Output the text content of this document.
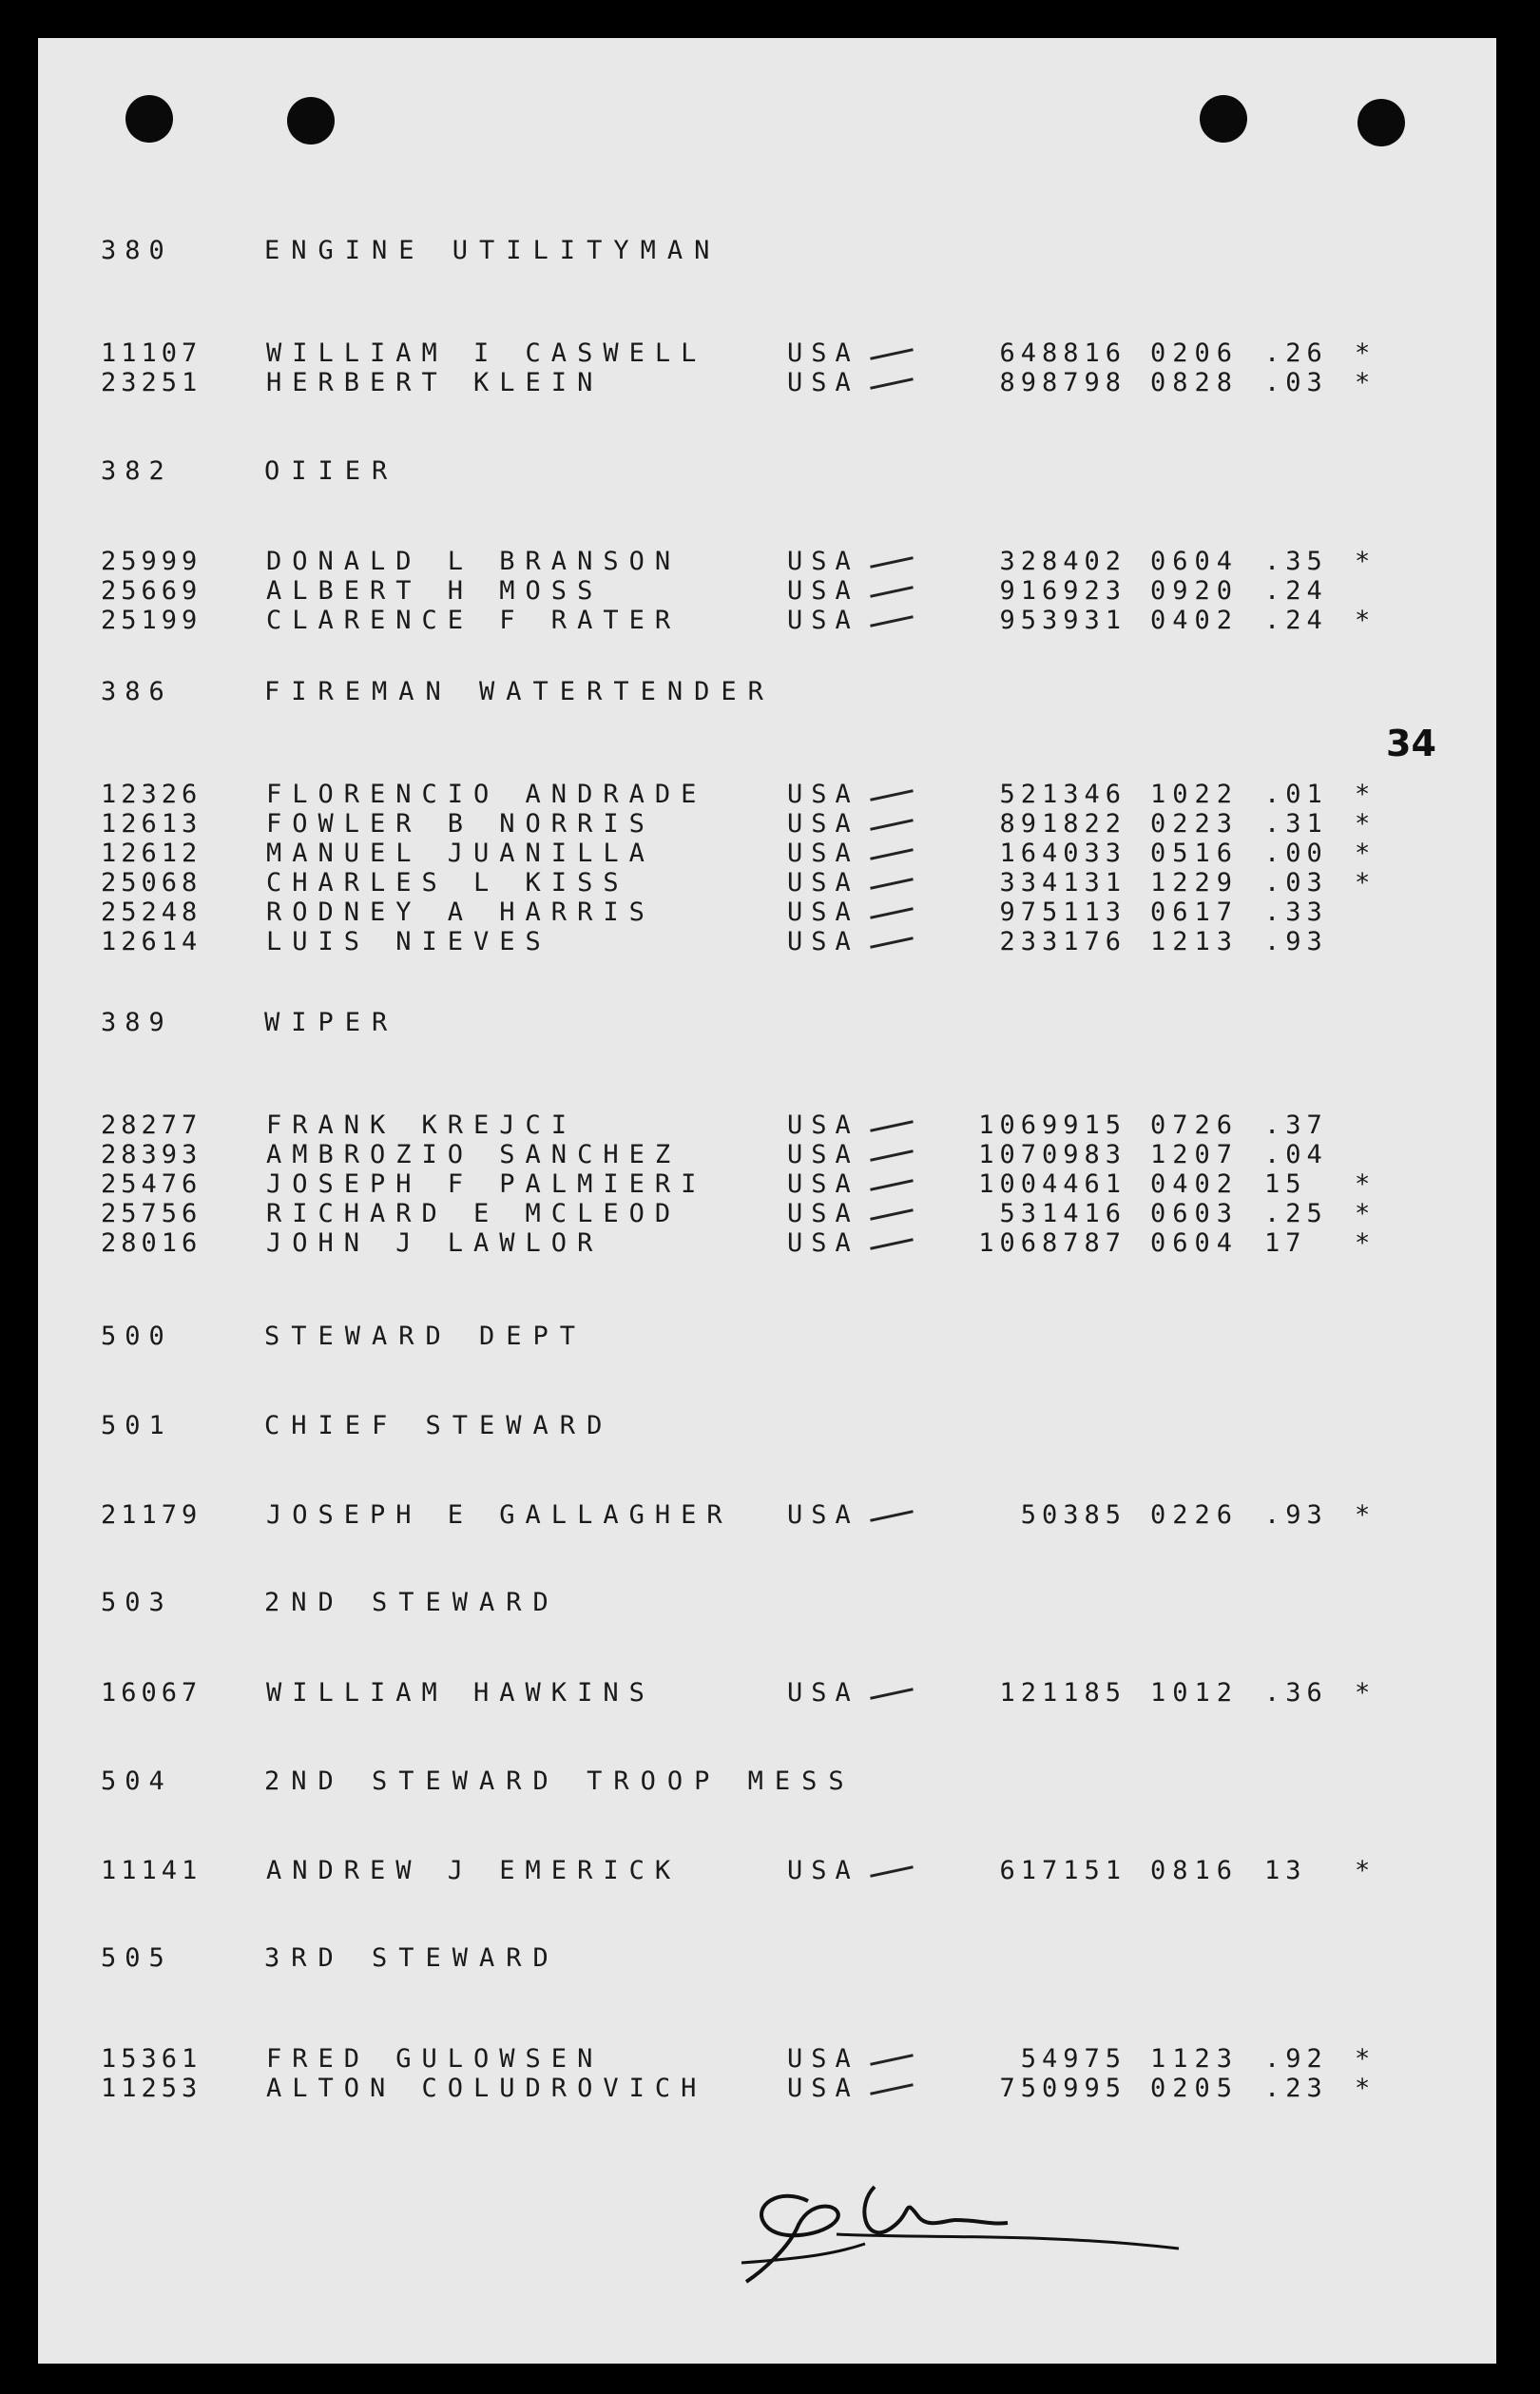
34
380	ENGINE UTILITYMAN
11107	WILLIAM I CASWELL	USA	648816 0206 .26 *
23251	HERBERT KLEIN	USA	898798 0828 .03 *
382	OIIER
25999	DONALD L BRANSON	USA	328402 0604 .35 *
25669	ALBERT H MOSS	USA	916923 0920 .24
25199	CLARENCE F RATER	USA	953931 0402 .24 *
386	FIREMAN WATERTENDER
12326	FLORENCIO ANDRADE	USA	521346 1022 .01 *
12613	FOWLER B NORRIS	USA	891822 0223 .31 *
12612	MANUEL JUANILLA	USA	164033 0516 .00 *
25068	CHARLES L KISS	USA	334131 1229 .03 *
25248	RODNEY A HARRIS	USA	975113 0617 .33
12614	LUIS NIEVES	USA	233176 1213 .93
389	WIPER
28277	FRANK KREJCI	USA	1069915 0726 .37
28393	AMBROZIO SANCHEZ	USA	1070983 1207 .04
25476	JOSEPH F PALMIERI	USA	1004461 0402 15 *
25756	RICHARD E MCLEOD	USA	531416 0603 .25 *
28016	JOHN J LAWLOR	USA	1068787 0604 17 *
500	STEWARD DEPT
501	CHIEF STEWARD
21179	JOSEPH E GALLAGHER USA	50385 0226 .93 *
503	2ND STEWARD
16067	WILLIAM HAWKINS	USA	121185 1012 .36 *
504	2ND STEWARD TROOP MESS
11141	ANDREW J EMERICK	USA	617151 0816 13 *
505	3RD STEWARD
15361	FRED GULOWSEN	USA	54975 1123 .92 *
11253	ALTON COLUDROVICH	USA	750995 0205 .23 *
